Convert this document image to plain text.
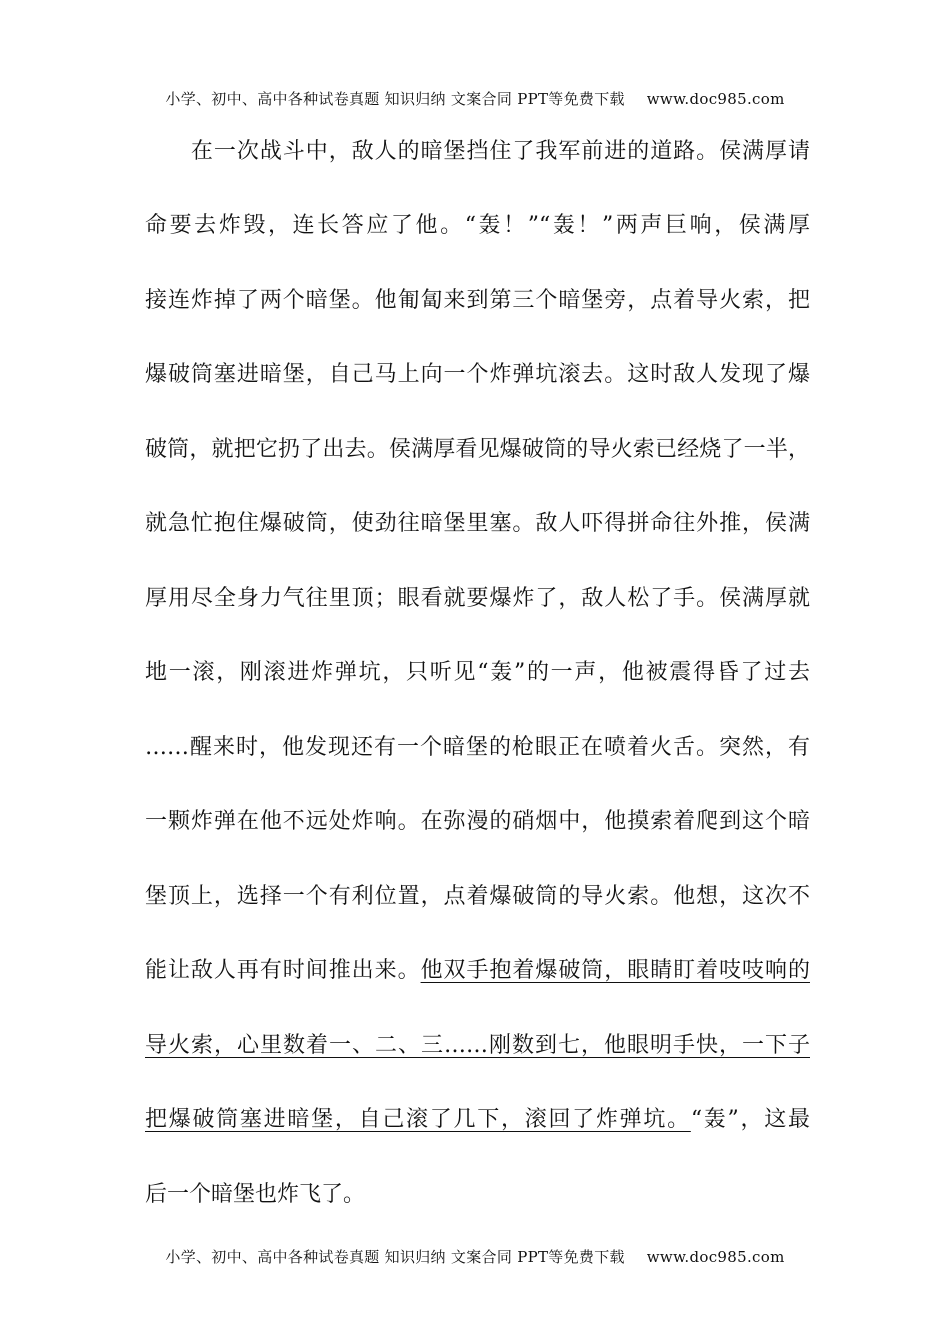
小学、初中、高中各种试卷真题 知识归纳 文案合同 PPT等免费下载 www.doc985.com
　　在一次战斗中，敌人的暗堡挡住了我军前进的道路。侯满厚请
命要去炸毁，连长答应了他。“轰！”“轰！”两声巨响，侯满厚
接连炸掉了两个暗堡。他匍匐来到第三个暗堡旁，点着导火索，把
爆破筒塞进暗堡，自己马上向一个炸弹坑滚去。这时敌人发现了爆
破筒，就把它扔了出去。侯满厚看见爆破筒的导火索已经烧了一半，
就急忙抱住爆破筒，使劲往暗堡里塞。敌人吓得拼命往外推，侯满
厚用尽全身力气往里顶；眼看就要爆炸了，敌人松了手。侯满厚就
地一滚，刚滚进炸弹坑，只听见“轰”的一声，他被震得昏了过去
……醒来时，他发现还有一个暗堡的枪眼正在喷着火舌。突然，有
一颗炸弹在他不远处炸响。在弥漫的硝烟中，他摸索着爬到这个暗
堡顶上，选择一个有利位置，点着爆破筒的导火索。他想，这次不
能让敌人再有时间推出来。他双手抱着爆破筒，眼睛盯着吱吱响的
导火索，心里数着一、二、三……刚数到七，他眼明手快，一下子
把爆破筒塞进暗堡，自己滚了几下，滚回了炸弹坑。“轰”，这最
后一个暗堡也炸飞了。
小学、初中、高中各种试卷真题 知识归纳 文案合同 PPT等免费下载 www.doc985.com
